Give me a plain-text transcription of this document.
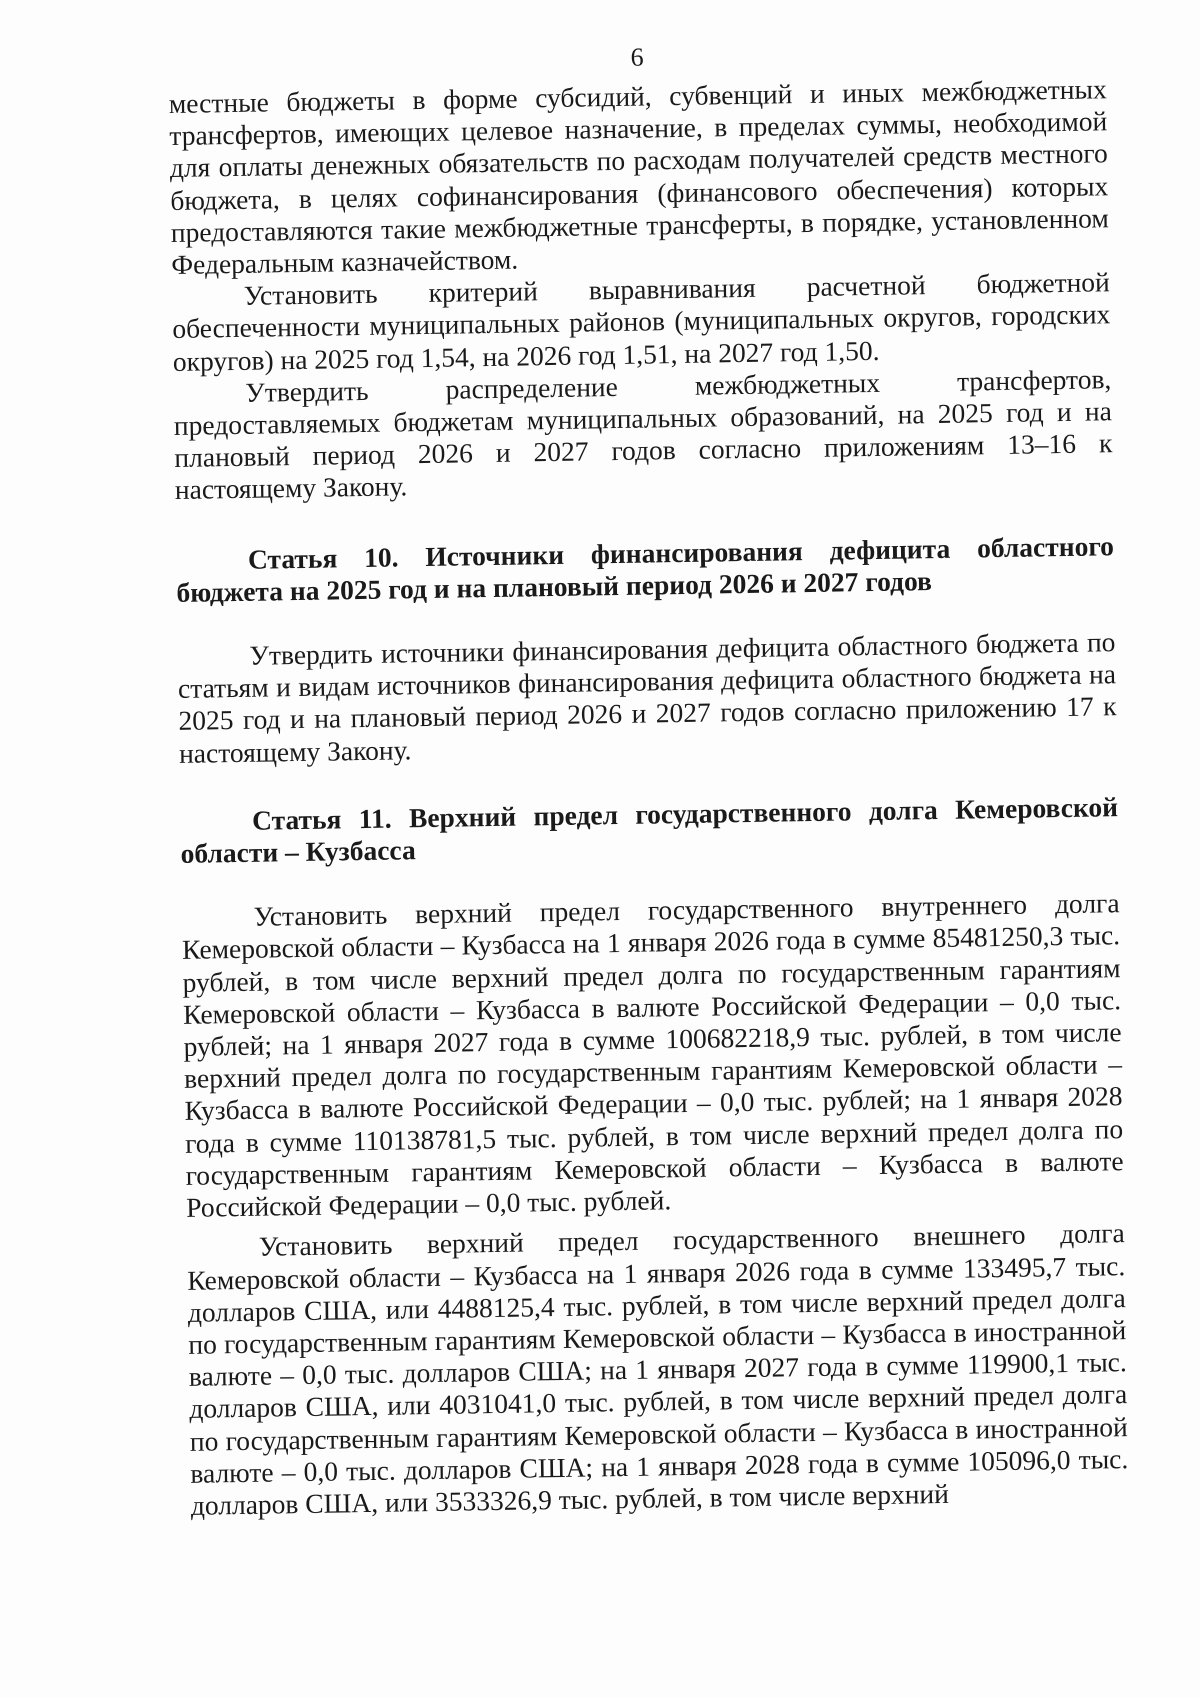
6

местные бюджеты в форме субсидий, субвенций и иных межбюджетных трансфертов, имеющих целевое назначение, в пределах суммы, необходимой для оплаты денежных обязательств по расходам получателей средств местного бюджета, в целях софинансирования (финансового обеспечения) которых предоставляются такие межбюджетные трансферты, в порядке, установленном Федеральным казначейством.

Установить критерий выравнивания расчетной бюджетной обеспеченности муниципальных районов (муниципальных округов, городских округов) на 2025 год 1,54, на 2026 год 1,51, на 2027 год 1,50.

Утвердить распределение межбюджетных трансфертов, предоставляемых бюджетам муниципальных образований, на 2025 год и на плановый период 2026 и 2027 годов согласно приложениям 13–16 к настоящему Закону.

Статья 10. Источники финансирования дефицита областного бюджета на 2025 год и на плановый период 2026 и 2027 годов

Утвердить источники финансирования дефицита областного бюджета по статьям и видам источников финансирования дефицита областного бюджета на 2025 год и на плановый период 2026 и 2027 годов согласно приложению 17 к настоящему Закону.

Статья 11. Верхний предел государственного долга Кемеровской области – Кузбасса

Установить верхний предел государственного внутреннего долга Кемеровской области – Кузбасса на 1 января 2026 года в сумме 85481250,3 тыс. рублей, в том числе верхний предел долга по государственным гарантиям Кемеровской области – Кузбасса в валюте Российской Федерации – 0,0 тыс. рублей; на 1 января 2027 года в сумме 100682218,9 тыс. рублей, в том числе верхний предел долга по государственным гарантиям Кемеровской области – Кузбасса в валюте Российской Федерации – 0,0 тыс. рублей; на 1 января 2028 года в сумме 110138781,5 тыс. рублей, в том числе верхний предел долга по государственным гарантиям Кемеровской области – Кузбасса в валюте Российской Федерации – 0,0 тыс. рублей.

Установить верхний предел государственного внешнего долга Кемеровской области – Кузбасса на 1 января 2026 года в сумме 133495,7 тыс. долларов США, или 4488125,4 тыс. рублей, в том числе верхний предел долга по государственным гарантиям Кемеровской области – Кузбасса в иностранной валюте – 0,0 тыс. долларов США; на 1 января 2027 года в сумме 119900,1 тыс. долларов США, или 4031041,0 тыс. рублей, в том числе верхний предел долга по государственным гарантиям Кемеровской области – Кузбасса в иностранной валюте – 0,0 тыс. долларов США; на 1 января 2028 года в сумме 105096,0 тыс. долларов США, или 3533326,9 тыс. рублей, в том числе верхний
